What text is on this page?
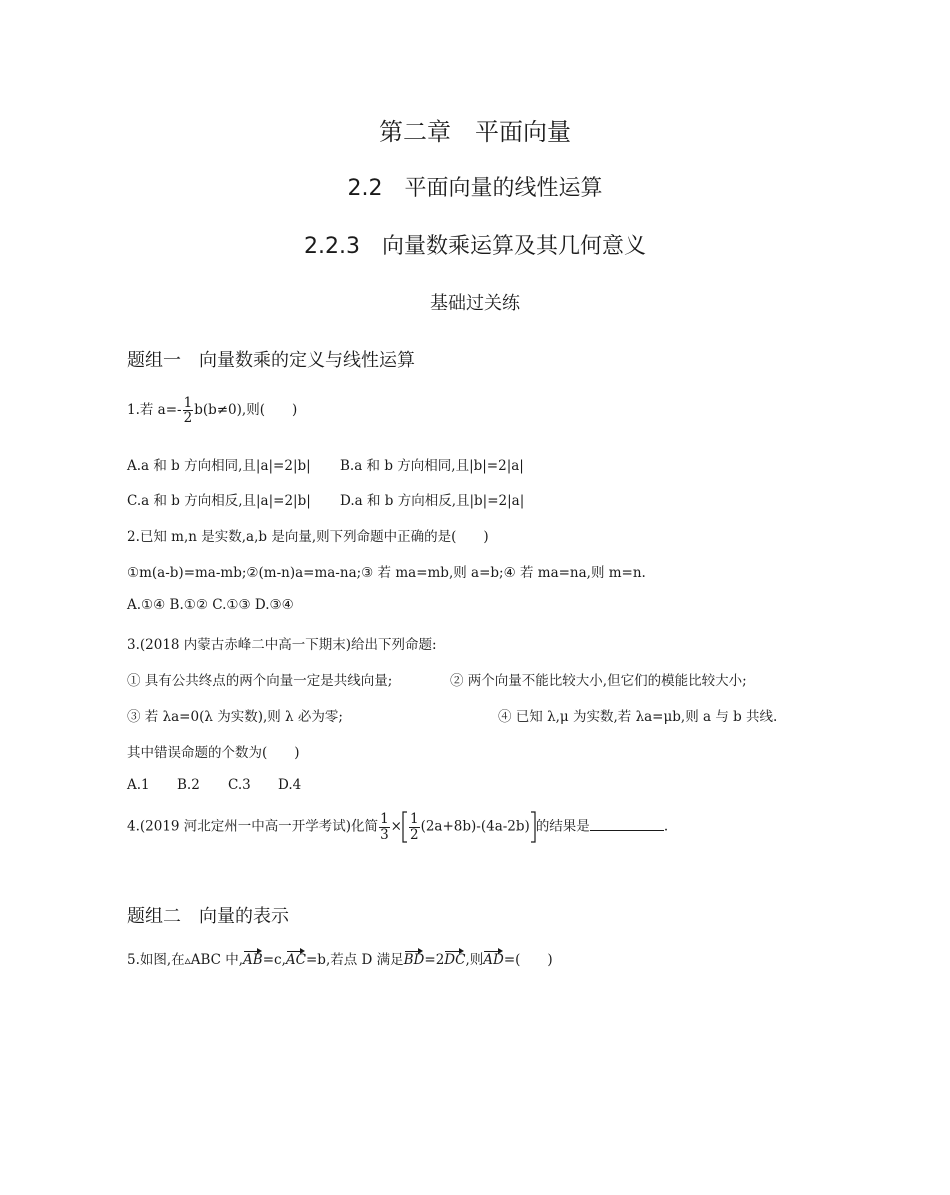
第二章　平面向量
2.2　平面向量的线性运算
2.2.3　向量数乘运算及其几何意义
基础过关练
题组一　向量数乘的定义与线性运算
1.若 $a=- \frac{1}{2} b(b\ne 0)$,则(　　)
A.a 和 b 方向相同,且|a|=2|b| B.a 和 b 方向相同,且|b|=2|a|
C.a 和 b 方向相反,且|a|=2|b| D.a 和 b 方向相反,且|b|=2|a|
2.已知 m,n 是实数,a,b 是向量,则下列命题中正确的是(　　)
①m(a-b)=ma-mb;②(m-n)a=ma-na;③ 若 ma=mb,则 a=b;④ 若 ma=na,则 m=n.
A.①④ B.①② C.①③ D.③④
3.(2018 内蒙古赤峰二中高一下期末)给出下列命题:
① 具有公共终点的两个向量一定是共线向量;	② 两个向量不能比较大小,但它们的模能比较大小;
③ 若 λa=0(λ 为实数),则 λ 必为零;	④ 已知 λ,μ 为实数,若 λa=μb,则 a 与 b 共线.
其中错误命题的个数为(　　)
A.1 B.2 C.3 D.4
4.(2019 河北定州一中高一开学考试)化简 $\frac{1}{3} \times \frac{1}{2} (2a+8b)-(4a-2b)$ 的结果是	.
题组二　向量的表示
5.如图,在▵ABC 中,AB=c,AC=b,若点 D 满足BD=2DC,则AD=(　　)
